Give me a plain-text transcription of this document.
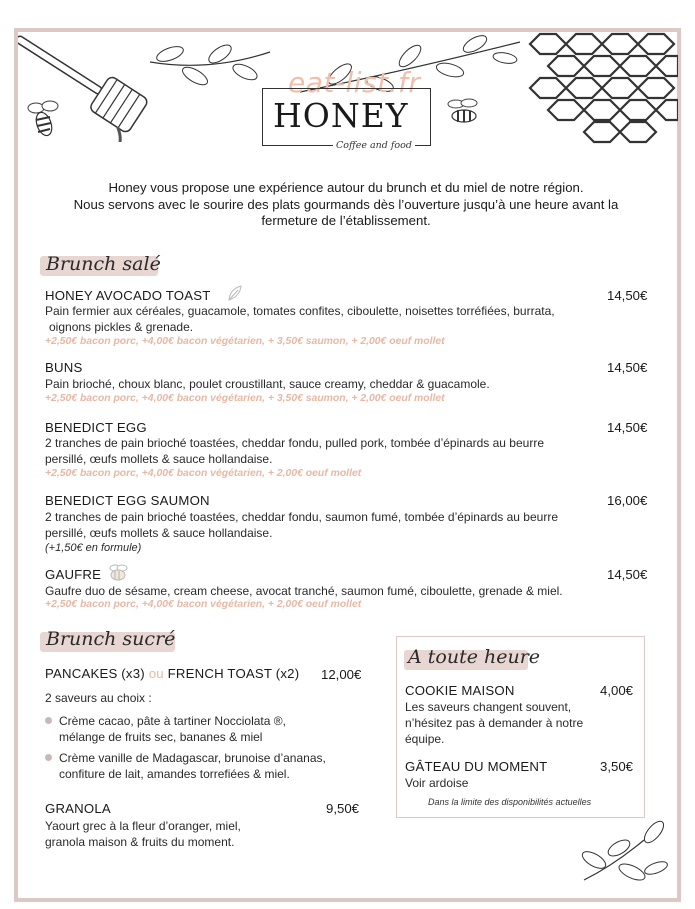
eat-list.fr
HONEY
Coffee and food
Honey vous propose une expérience autour du brunch et du miel de notre région.
Nous servons avec le sourire des plats gourmands dès l’ouverture jusqu’à une heure avant la
fermeture de l’établissement.
Brunch salé
HONEY AVOCADO TOAST	14,50€
Pain fermier aux céréales, guacamole, tomates confites, ciboulette, noisettes torréfiées, burrata,
oignons pickles & grenade.
+2,50€ bacon porc, +4,00€ bacon végétarien, + 3,50€ saumon, + 2,00€ oeuf mollet
BUNS	14,50€
Pain brioché, choux blanc, poulet croustillant, sauce creamy, cheddar & guacamole.
+2,50€ bacon porc, +4,00€ bacon végétarien, + 3,50€ saumon, + 2,00€ oeuf mollet
BENEDICT EGG	14,50€
2 tranches de pain brioché toastées, cheddar fondu, pulled pork, tombée d’épinards au beurre
persillé, œufs mollets & sauce hollandaise.
+2,50€ bacon porc, +4,00€ bacon végétarien, + 2,00€ oeuf mollet
BENEDICT EGG SAUMON	16,00€
2 tranches de pain brioché toastées, cheddar fondu, saumon fumé, tombée d’épinards au beurre
persillé, œufs mollets & sauce hollandaise.
(+1,50€ en formule)
GAUFRE	14,50€
Gaufre duo de sésame, cream cheese, avocat tranché, saumon fumé, ciboulette, grenade & miel.
+2,50€ bacon porc, +4,00€ bacon végétarien, + 2,00€ oeuf mollet
Brunch sucré
PANCAKES (x3) ou FRENCH TOAST (x2) 12,00€
2 saveurs au choix :
Crème cacao, pâte à tartiner Nocciolata ®,
mélange de fruits sec, bananes & miel
Crème vanille de Madagascar, brunoise d’ananas,
confiture de lait, amandes torrefiées & miel.
GRANOLA	9,50€
Yaourt grec à la fleur d’oranger, miel,
granola maison & fruits du moment.
A toute heure
COOKIE MAISON	4,00€
Les saveurs changent souvent,
n’hésitez pas à demander à notre
équipe.
GÂTEAU DU MOMENT	3,50€
Voir ardoise
Dans la limite des disponibilités actuelles
